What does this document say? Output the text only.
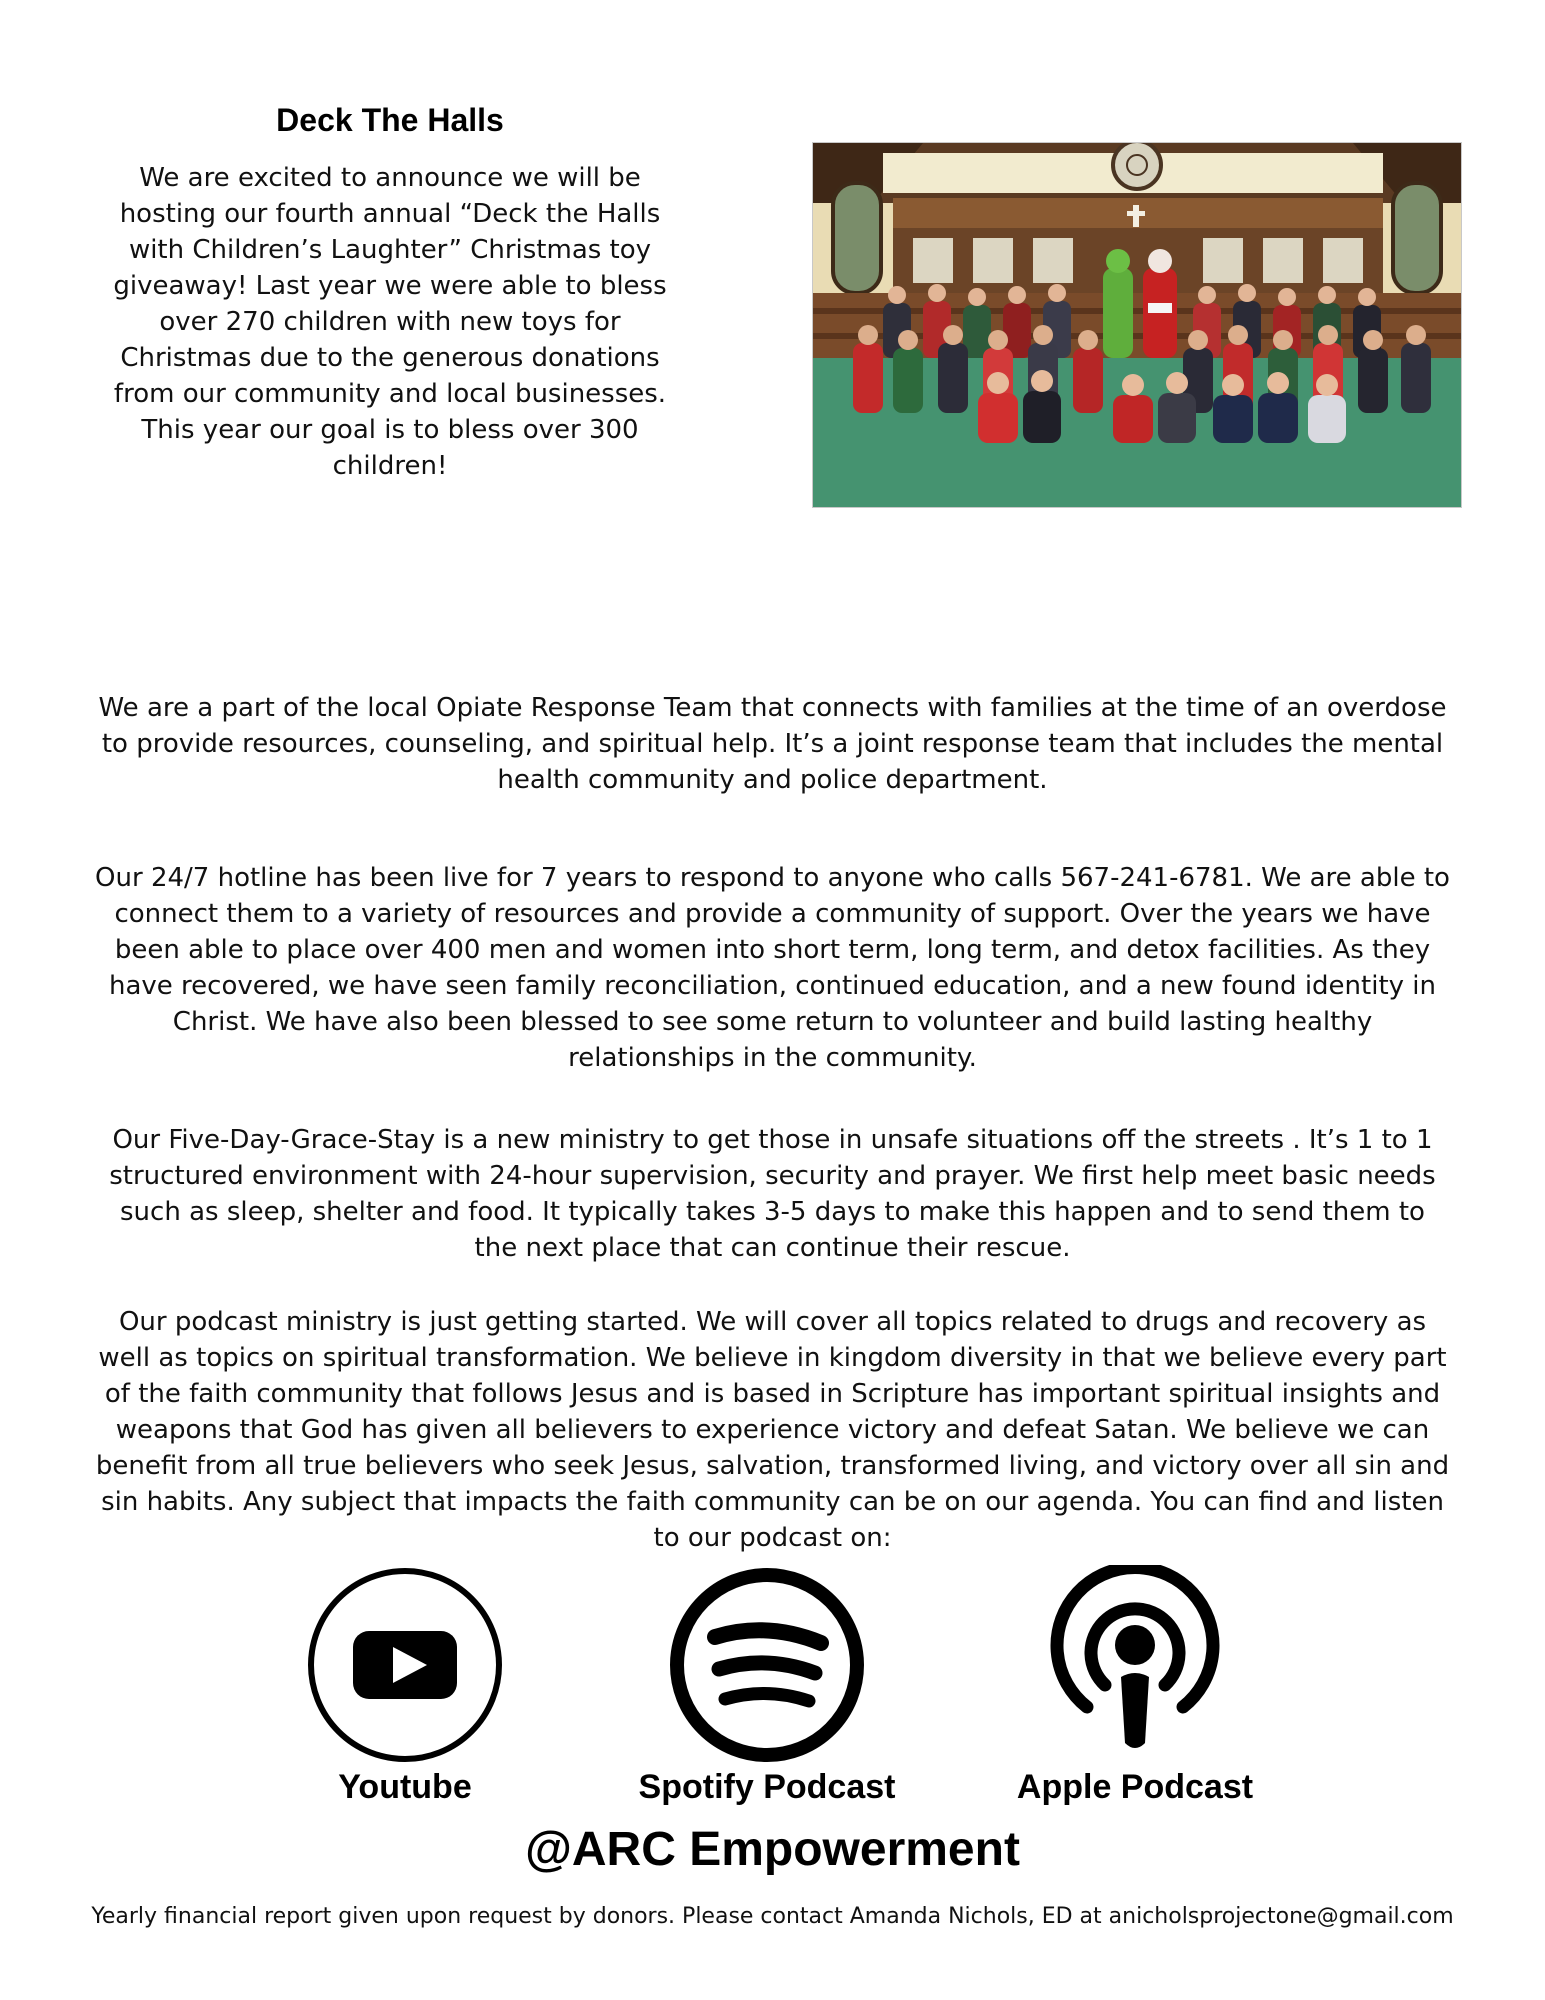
Deck The Halls

We are excited to announce we will be hosting our fourth annual “Deck the Halls with Children’s Laughter” Christmas toy giveaway! Last year we were able to bless over 270 children with new toys for Christmas due to the generous donations from our community and local businesses. This year our goal is to bless over 300 children!

We are a part of the local Opiate Response Team that connects with families at the time of an overdose to provide resources, counseling, and spiritual help. It’s a joint response team that includes the mental health community and police department.

Our 24/7 hotline has been live for 7 years to respond to anyone who calls 567-241-6781. We are able to connect them to a variety of resources and provide a community of support. Over the years we have been able to place over 400 men and women into short term, long term, and detox facilities. As they have recovered, we have seen family reconciliation, continued education, and a new found identity in Christ. We have also been blessed to see some return to volunteer and build lasting healthy relationships in the community.

Our Five-Day-Grace-Stay is a new ministry to get those in unsafe situations off the streets . It’s 1 to 1 structured environment with 24-hour supervision, security and prayer. We first help meet basic needs such as sleep, shelter and food. It typically takes 3-5 days to make this happen and to send them to the next place that can continue their rescue.

Our podcast ministry is just getting started. We will cover all topics related to drugs and recovery as well as topics on spiritual transformation. We believe in kingdom diversity in that we believe every part of the faith community that follows Jesus and is based in Scripture has important spiritual insights and weapons that God has given all believers to experience victory and defeat Satan. We believe we can benefit from all true believers who seek Jesus, salvation, transformed living, and victory over all sin and sin habits. Any subject that impacts the faith community can be on our agenda. You can find and listen to our podcast on:

Youtube	Spotify Podcast	Apple Podcast

@ARC Empowerment

Yearly financial report given upon request by donors. Please contact Amanda Nichols, ED at anicholsprojectone@gmail.com
